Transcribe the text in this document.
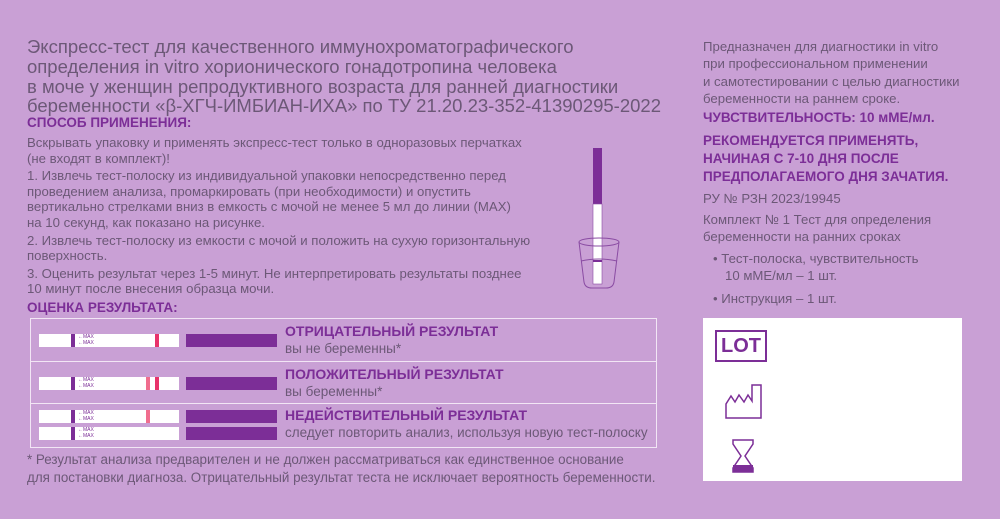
Экспресс-тест для качественного иммунохроматографического
определения in vitro хорионического гонадотропина человека
в моче у женщин репродуктивного возраста для ранней диагностики
беременности «β-ХГЧ-ИМБИАН-ИХА» по ТУ 21.20.23-352-41390295-2022
СПОСОБ ПРИМЕНЕНИЯ:
Вскрывать упаковку и применять экспресс-тест только в одноразовых перчатках
(не входят в комплект)!
1. Извлечь тест-полоску из индивидуальной упаковки непосредственно перед
проведением анализа, промаркировать (при необходимости) и опустить
вертикально стрелками вниз в емкость с мочой не менее 5 мл до линии (MAX)
на 10 секунд, как показано на рисунке.
2. Извлечь тест-полоску из емкости с мочой и положить на сухую горизонтальную
поверхность.
3. Оценить результат через 1-5 минут. Не интерпретировать результаты позднее
10 минут после внесения образца мочи.
ОЦЕНКА РЕЗУЛЬТАТА:
←MAX
←MAX
ОТРИЦАТЕЛЬНЫЙ РЕЗУЛЬТАТ
вы не беременны*
←MAX
←MAX
ПОЛОЖИТЕЛЬНЫЙ РЕЗУЛЬТАТ
вы беременны*
←MAX
←MAX
←MAX
←MAX
НЕДЕЙСТВИТЕЛЬНЫЙ РЕЗУЛЬТАТ
следует повторить анализ, используя новую тест-полоску
* Результат анализа предварителен и не должен рассматриваться как единственное основание
для постановки диагноза. Отрицательный результат теста не исключает вероятность беременности.
Предназначен для диагностики in vitro
при профессиональном применении
и самотестировании с целью диагностики
беременности на раннем сроке.
ЧУВСТВИТЕЛЬНОСТЬ: 10 мМЕ/мл.
РЕКОМЕНДУЕТСЯ ПРИМЕНЯТЬ,
НАЧИНАЯ С 7-10 ДНЯ ПОСЛЕ
ПРЕДПОЛАГАЕМОГО ДНЯ ЗАЧАТИЯ.
РУ № РЗН 2023/19945
Комплект № 1 Тест для определения
беременности на ранних сроках
• Тест-полоска, чувствительность
10 мМЕ/мл – 1 шт.
• Инструкция – 1 шт.
LOT
